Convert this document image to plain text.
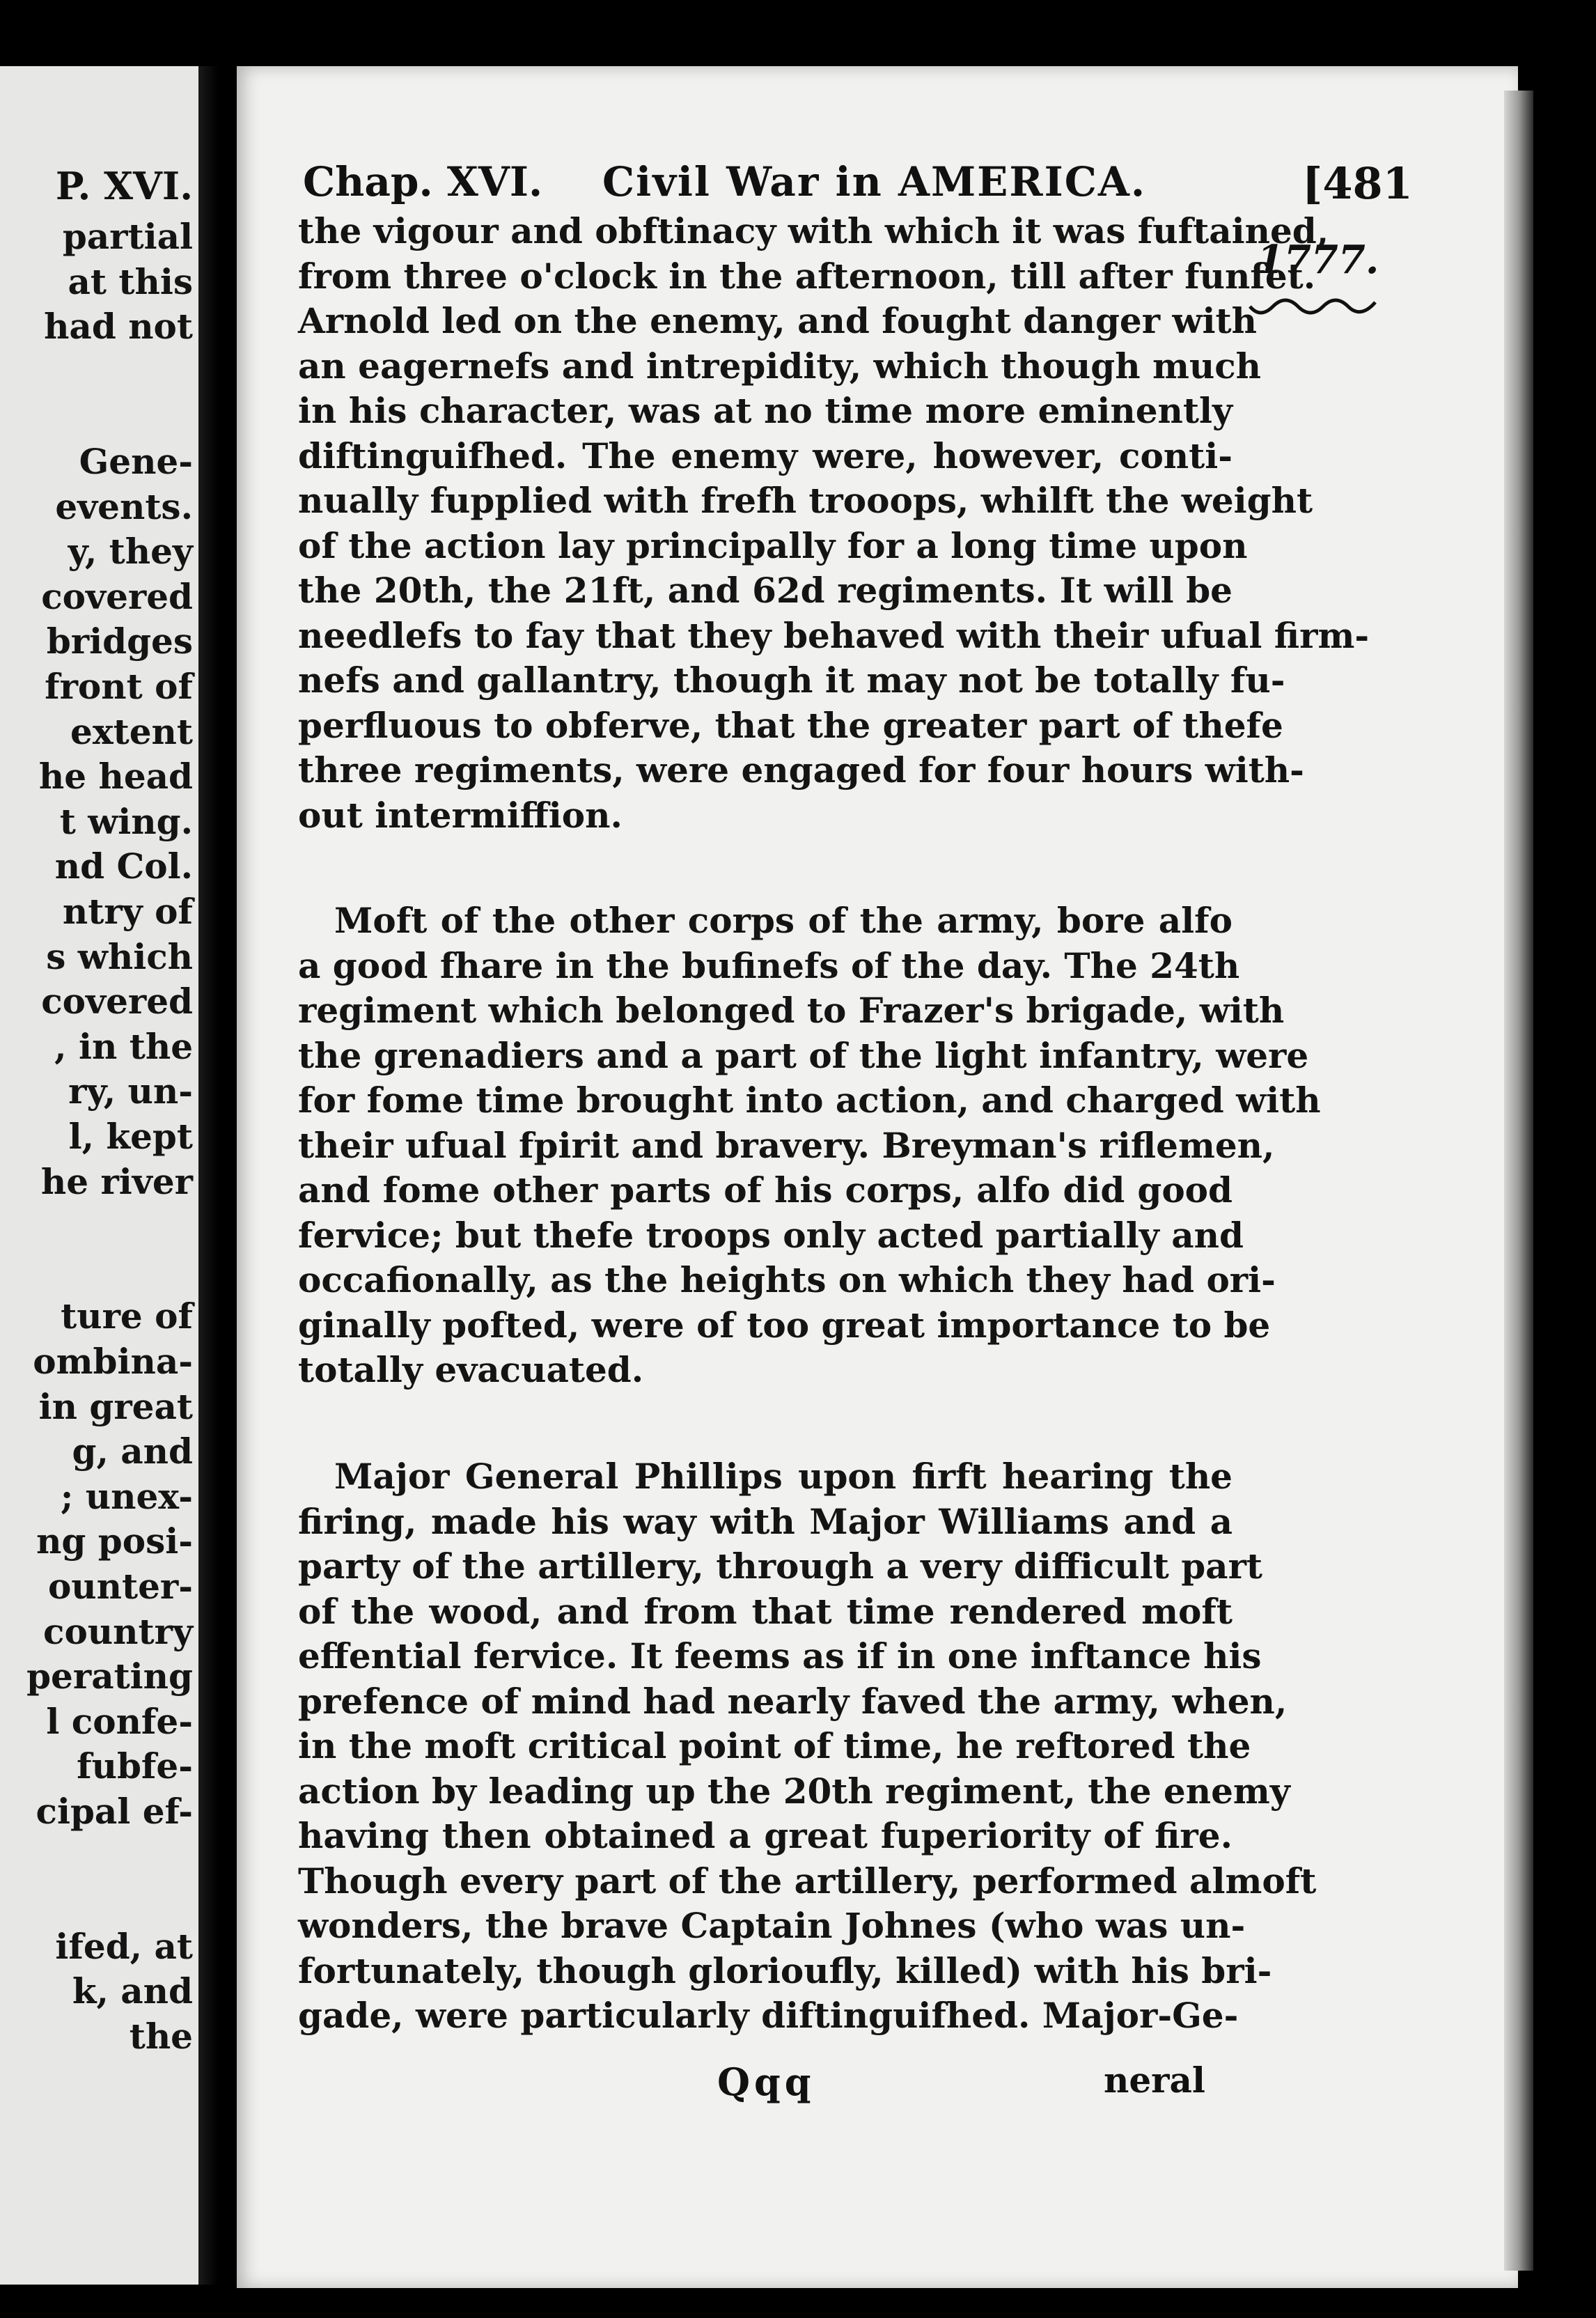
P. XVI.
partial
at this
had not
Gene-
events.
y, they
covered
bridges
front of
extent
he head
t wing.
nd Col.
ntry of
s which
covered
, in the
ry, un-
l, kept
he river
ture of
ombina-
in great
g, and
; unex-
ng posi-
ounter-
country
perating
l confe-
fubfe-
cipal ef-
ifed, at
k, and
the
Chap. XVI. Civil War in AMERICA.	[481
1777.
the vigour and obftinacy with which it was fuftained,
from three o'clock in the afternoon, till after funfet.
Arnold led on the enemy, and fought danger with
an eagernefs and intrepidity, which though much
in his character, was at no time more eminently
diftinguifhed. The enemy were, however, conti-
nually fupplied with frefh trooops, whilft the weight
of the action lay principally for a long time upon
the 20th, the 21ft, and 62d regiments. It will be
needlefs to fay that they behaved with their ufual firm-
nefs and gallantry, though it may not be totally fu-
perfluous to obferve, that the greater part of thefe
three regiments, were engaged for four hours with-
out intermiffion.
Moft of the other corps of the army, bore alfo
a good fhare in the bufinefs of the day. The 24th
regiment which belonged to Frazer's brigade, with
the grenadiers and a part of the light infantry, were
for fome time brought into action, and charged with
their ufual fpirit and bravery. Breyman's riflemen,
and fome other parts of his corps, alfo did good
fervice; but thefe troops only acted partially and
occafionally, as the heights on which they had ori-
ginally pofted, were of too great importance to be
totally evacuated.
Major General Phillips upon firft hearing the
firing, made his way with Major Williams and a
party of the artillery, through a very difficult part
of the wood, and from that time rendered moft
effential fervice. It feems as if in one inftance his
prefence of mind had nearly faved the army, when,
in the moft critical point of time, he reftored the
action by leading up the 20th regiment, the enemy
having then obtained a great fuperiority of fire.
Though every part of the artillery, performed almoft
wonders, the brave Captain Johnes (who was un-
fortunately, though glorioufly, killed) with his bri-
gade, were particularly diftinguifhed. Major-Ge-
Qqq	neral
